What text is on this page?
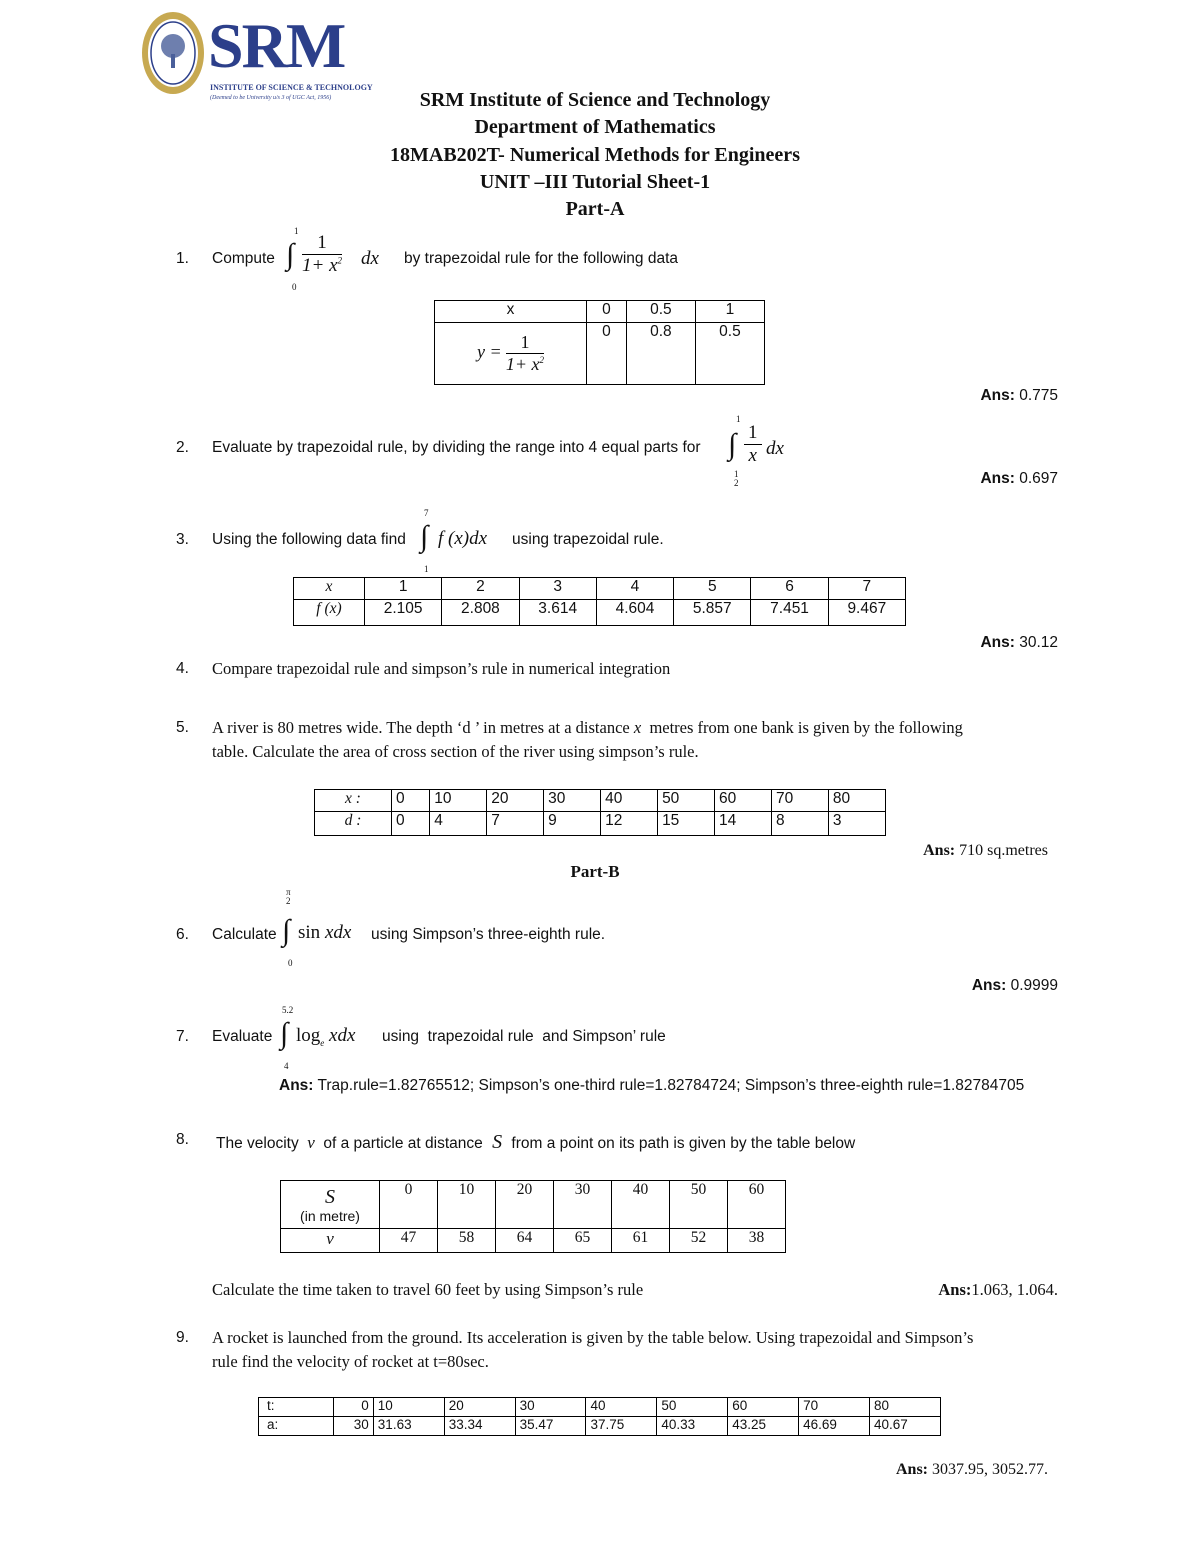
SRM
INSTITUTE OF SCIENCE & TECHNOLOGY
(Deemed to be University u/s 3 of UGC Act, 1956)	SRM Institute of Science and Technology
Department of Mathematics
18MAB202T- Numerical Methods for Engineers
UNIT –III Tutorial Sheet-1
Part-A
1. Compute
1
∫
0
$\frac{1}{1+ x^2}$ dx by trapezoidal rule for the following data
x	0	0.5	1
$y = \frac{1}{1+ x^2}$	0	0.8	0.5
Ans: 0.775
2. Evaluate by trapezoidal rule, by dividing the range into 4 equal parts for
1
∫
1
2
$\frac{1}{x}$ dx
Ans: 0.697
3. Using the following data find
7
∫
1
f (x)dx using trapezoidal rule.
x	1	2	3	4	5	6	7
f (x)	2.105	2.808	3.614	4.604	5.857	7.451	9.467
Ans: 30.12
4. Compare trapezoidal rule and simpson’s rule in numerical integration
5. A river is 80 metres wide. The depth ‘d ’ in metres at a distance x metres from one bank is given by the following
table. Calculate the area of cross section of the river using simpson’s rule.
x :	0	10	20	30	40	50	60	70	80
d :	0	4	7	9	12	15	14	8	3
Ans: 710 sq.metres
Part-B
6. Calculate
π
2
∫
0
sin xdx using Simpson’s three-eighth rule.
Ans: 0.9999
7. Evaluate
5.2
∫
4
$\log_e$ xdx using  trapezoidal rule  and Simpson’ rule
Ans: Trap.rule=1.82765512; Simpson’s one-third rule=1.82784724; Simpson’s three-eighth rule=1.82784705
8. The velocity  v  of a particle at distance  S  from a point on its path is given by the table below
S
(in metre)	0	10	20	30	40	50	60
v	47	58	64	65	61	52	38
Calculate the time taken to travel 60 feet by using Simpson’s rule	Ans:1.063, 1.064.
9. A rocket is launched from the ground. Its acceleration is given by the table below. Using trapezoidal and Simpson’s
rule find the velocity of rocket at t=80sec.
t:	0	10	20	30	40	50	60	70	80
a:	30	31.63	33.34	35.47	37.75	40.33	43.25	46.69	40.67
Ans: 3037.95, 3052.77.
